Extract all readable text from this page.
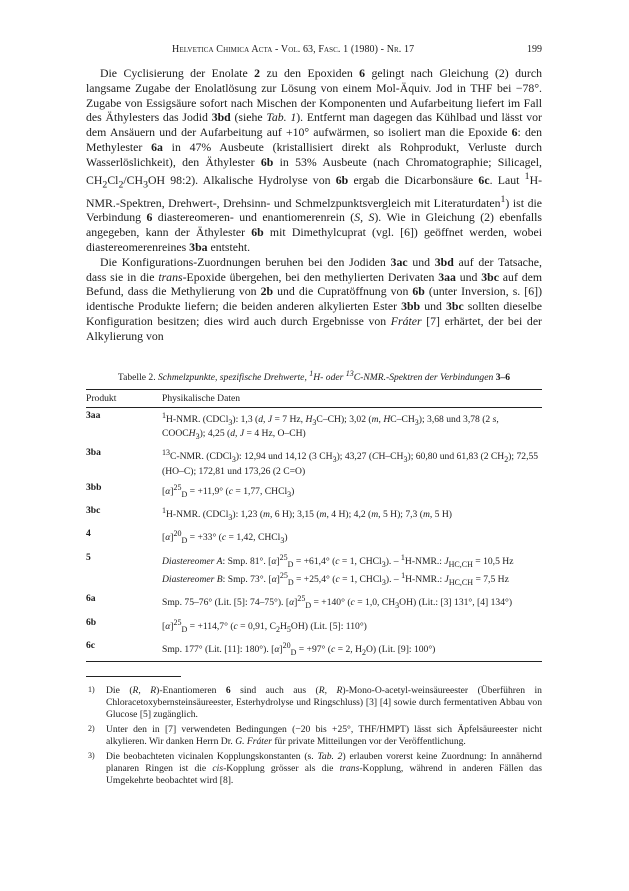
Helvetica Chimica Acta - Vol. 63, Fasc. 1 (1980) - Nr. 17	199

Die Cyclisierung der Enolate 2 zu den Epoxiden 6 gelingt nach Gleichung (2) durch langsame Zugabe der Enolatlösung zur Lösung von einem Mol-Äquiv. Jod in THF bei −78°. Zugabe von Essigsäure sofort nach Mischen der Komponenten und Aufarbeitung liefert im Fall des Äthylesters das Jodid 3bd (siehe Tab. 1). Entfernt man dagegen das Kühlbad und lässt vor dem Ansäuern und der Aufarbeitung auf +10° aufwärmen, so isoliert man die Epoxide 6: den Methylester 6a in 47% Ausbeute (kristallisiert direkt als Rohprodukt, Verluste durch Wasserlöslichkeit), den Äthylester 6b in 53% Ausbeute (nach Chromatographie; Silicagel, $CH_2Cl_2/CH_3OH$ 98:2). Alkalische Hydrolyse von 6b ergab die Dicarbonsäure 6c. Laut $^1$H-NMR.-Spektren, Drehwert-, Drehsinn- und Schmelzpunktsvergleich mit Literaturdaten$^1$) ist die Verbindung 6 diastereomeren- und enantiomerenrein (S, S). Wie in Gleichung (2) ebenfalls angegeben, kann der Äthylester 6b mit Dimethylcuprat (vgl. [6]) geöffnet werden, wobei diastereomerenreines 3ba entsteht.

Die Konfigurations-Zuordnungen beruhen bei den Jodiden 3ac und 3bd auf der Tatsache, dass sie in die trans-Epoxide übergehen, bei den methylierten Derivaten 3aa und 3bc auf dem Befund, dass die Methylierung von 2b und die Cupratöffnung von 6b (unter Inversion, s. [6]) identische Produkte liefern; die beiden anderen alkylierten Ester 3bb und 3bc sollten dieselbe Konfiguration besitzen; dies wird auch durch Ergebnisse von Fráter [7] erhärtet, der bei der Alkylierung von

Tabelle 2. Schmelzpunkte, spezifische Drehwerte, $^1$H- oder $^{13}$C-NMR.-Spektren der Verbindungen 3–6
Produkt	Physikalische Daten
3aa	$^1$H-NMR. (CDCl$_3$): 1,3 (d, J = 7 Hz, $H_3C-CH$); 3,02 (m, $HC-CH_3$); 3,68 und 3,78 (2 s, $COOCH_3$); 4,25 (d, J = 4 Hz, O–CH)
3ba	$^{13}$C-NMR. (CDCl$_3$): 12,94 und 14,12 (3 $CH_3$); 43,27 $(CH-CH_3)$; 60,80 und 61,83 (2 $CH_2$); 72,55 (HO–C); 172,81 und 173,26 (2 C=O)
3bb	$[\alpha]^{25}_D = +11,9^\circ$ (c = 1,77, CHCl$_3$)
3bc	$^1$H-NMR. (CDCl$_3$): 1,23 (m, 6 H); 3,15 (m, 4 H); 4,2 (m, 5 H); 7,3 (m, 5 H)
4	$[\alpha]^{20}_D = +33^\circ$ (c = 1,42, CHCl$_3$)
5	Diastereomer A: Smp. 81°. $[\alpha]^{25}_D = +61,4^\circ$ (c = 1, CHCl$_3$). – $^1$H-NMR.: $J_{HC,CH} = 10,5$ Hz
Diastereomer B: Smp. 73°. $[\alpha]^{25}_D = +25,4^\circ$ (c = 1, CHCl$_3$). – $^1$H-NMR.: $J_{HC,CH} = 7,5$ Hz
6a	Smp. 75–76° (Lit. [5]: 74–75°). $[\alpha]^{25}_D = +140^\circ$ (c = 1,0, $CH_3OH$) (Lit.: [3] 131°, [4] 134°)
6b	$[\alpha]^{25}_D = +114,7^\circ$ (c = 0,91, $C_2H_5OH$) (Lit. [5]: 110°)
6c	Smp. 177° (Lit. [11]: 180°). $[\alpha]^{20}_D = +97^\circ$ (c = 2, $H_2O$) (Lit. [9]: 100°)
1) Die (R, R)-Enantiomeren 6 sind auch aus (R, R)-Mono-O-acetyl-weinsäureester (Überführen in Chloracetoxybernsteinsäureester, Esterhydrolyse und Ringschluss) [3] [4] sowie durch fermentativen Abbau von Glucose [5] zugänglich.
2) Unter den in [7] verwendeten Bedingungen (−20 bis +25°, THF/HMPT) lässt sich Äpfelsäureester nicht alkylieren. Wir danken Herrn Dr. G. Fráter für private Mitteilungen vor der Veröffentlichung.
3) Die beobachteten vicinalen Kopplungskonstanten (s. Tab. 2) erlauben vorerst keine Zuordnung: In annähernd planaren Ringen ist die cis-Kopplung grösser als die trans-Kopplung, während in anderen Fällen das Umgekehrte beobachtet wird [8].
